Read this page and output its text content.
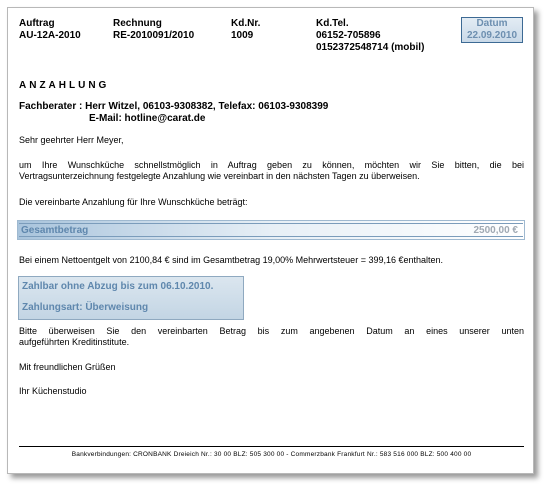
Auftrag
AU-12A-2010
Rechnung
RE-2010091/2010
Kd.Nr.
1009
Kd.Tel.
06152-705896
0152372548714 (mobil)
Datum
22.09.2010
ANZAHLUNG
Fachberater : Herr Witzel, 06103-9308382, Telefax: 06103-9308399
E-Mail: hotline@carat.de
Sehr geehrter Herr Meyer,
um Ihre Wunschküche schnellstmöglich in Auftrag geben zu können, möchten wir Sie bitten, die bei
Vertragsunterzeichnung festgelegte Anzahlung wie vereinbart in den nächsten Tagen zu überweisen.
Die vereinbarte Anzahlung für Ihre Wunschküche beträgt:
Gesamtbetrag	2500,00 €
Bei einem Nettoentgelt von 2100,84 € sind im Gesamtbetrag 19,00% Mehrwertsteuer = 399,16 €enthalten.
Zahlbar ohne Abzug bis zum 06.10.2010.
Zahlungsart: Überweisung
Bitte überweisen Sie den vereinbarten Betrag bis zum angebenen Datum an eines unserer unten
aufgeführten Kreditinstitute.
Mit freundlichen Grüßen
Ihr Küchenstudio
Bankverbindungen: CRONBANK Dreieich Nr.: 30 00 BLZ: 505 300 00 - Commerzbank Frankfurt Nr.: 583 516 000 BLZ: 500 400 00
